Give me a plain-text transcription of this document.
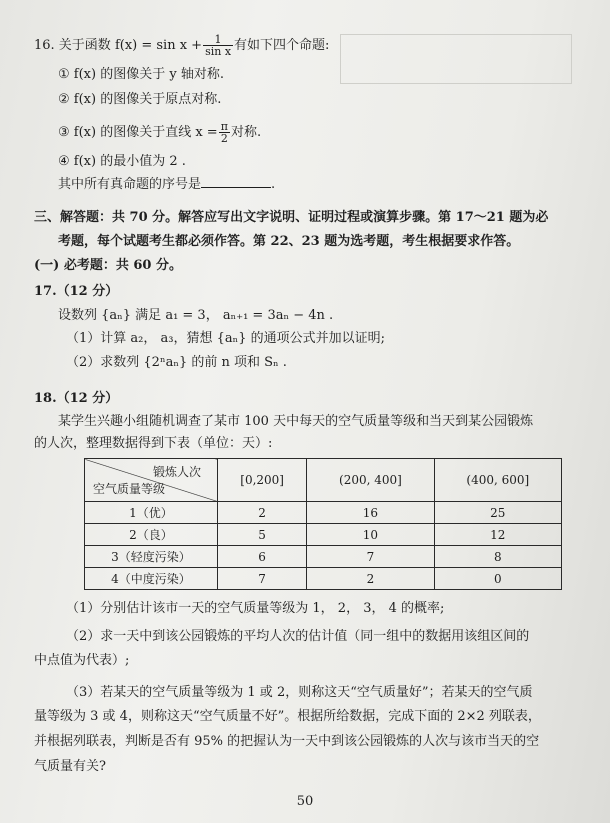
16. 关于函数 $f(x) = \sin x + \frac{1}{\text{sin x}}$ 有如下四个命题:
① f(x) 的图像关于 y 轴对称.
② f(x) 的图像关于原点对称.
③ f(x) 的图像关于直线 $x = \frac{\pi}{2}$ 对称.
④ f(x) 的最小值为 2 .
其中所有真命题的序号是	.
三、解答题：共 70 分。解答应写出文字说明、证明过程或演算步骤。第 17～21 题为必
考题，每个试题考生都必须作答。第 22、23 题为选考题，考生根据要求作答。
(一) 必考题：共 60 分。
17.（12 分）
设数列 {aₙ} 满足 a₁ = 3， aₙ₊₁ = 3aₙ − 4n .
（1）计算 a₂， a₃，猜想 {aₙ} 的通项公式并加以证明;
（2）求数列 {2ⁿaₙ} 的前 n 项和 Sₙ .
18.（12 分）
某学生兴趣小组随机调查了某市 100 天中每天的空气质量等级和当天到某公园锻炼
的人次，整理数据得到下表（单位：天）:
锻炼人次
空气质量等级	[0,200]	(200, 400]	(400, 600]
1（优）	2	16	25
2（良）	5	10	12
3（轻度污染）	6	7	8
4（中度污染）	7	2	0
（1）分别估计该市一天的空气质量等级为 1， 2， 3， 4 的概率;
（2）求一天中到该公园锻炼的平均人次的估计值（同一组中的数据用该组区间的
中点值为代表）;
（3）若某天的空气质量等级为 1 或 2，则称这天“空气质量好”；若某天的空气质
量等级为 3 或 4，则称这天“空气质量不好”。根据所给数据，完成下面的 2×2 列联表，
并根据列联表，判断是否有 95% 的把握认为一天中到该公园锻炼的人次与该市当天的空
气质量有关?
50
